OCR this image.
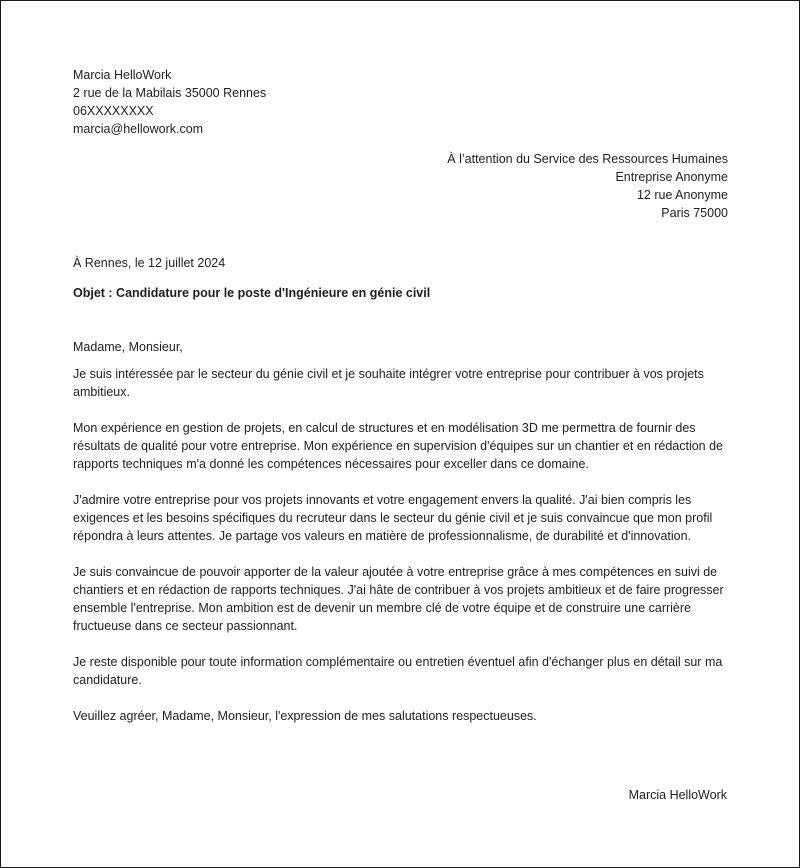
Marcia HelloWork
2 rue de la Mabilais 35000 Rennes
06XXXXXXXX
marcia@hellowork.com
À l’attention du Service des Ressources Humaines
Entreprise Anonyme
12 rue Anonyme
Paris 75000

À Rennes, le 12 juillet 2024

Objet : Candidature pour le poste d'Ingénieure en génie civil

Madame, Monsieur,

Je suis intéressée par le secteur du génie civil et je souhaite intégrer votre entreprise pour contribuer à vos projets ambitieux.

Mon expérience en gestion de projets, en calcul de structures et en modélisation 3D me permettra de fournir des résultats de qualité pour votre entreprise. Mon expérience en supervision d'équipes sur un chantier et en rédaction de rapports techniques m'a donné les compétences nécessaires pour exceller dans ce domaine.

J'admire votre entreprise pour vos projets innovants et votre engagement envers la qualité. J'ai bien compris les exigences et les besoins spécifiques du recruteur dans le secteur du génie civil et je suis convaincue que mon profil répondra à leurs attentes. Je partage vos valeurs en matière de professionnalisme, de durabilité et d'innovation.

Je suis convaincue de pouvoir apporter de la valeur ajoutée à votre entreprise grâce à mes compétences en suivi de chantiers et en rédaction de rapports techniques. J'ai hâte de contribuer à vos projets ambitieux et de faire progresser ensemble l'entreprise. Mon ambition est de devenir un membre clé de votre équipe et de construire une carrière fructueuse dans ce secteur passionnant.

Je reste disponible pour toute information complémentaire ou entretien éventuel afin d'échanger plus en détail sur ma candidature.

Veuillez agréer, Madame, Monsieur, l'expression de mes salutations respectueuses.

Marcia HelloWork
